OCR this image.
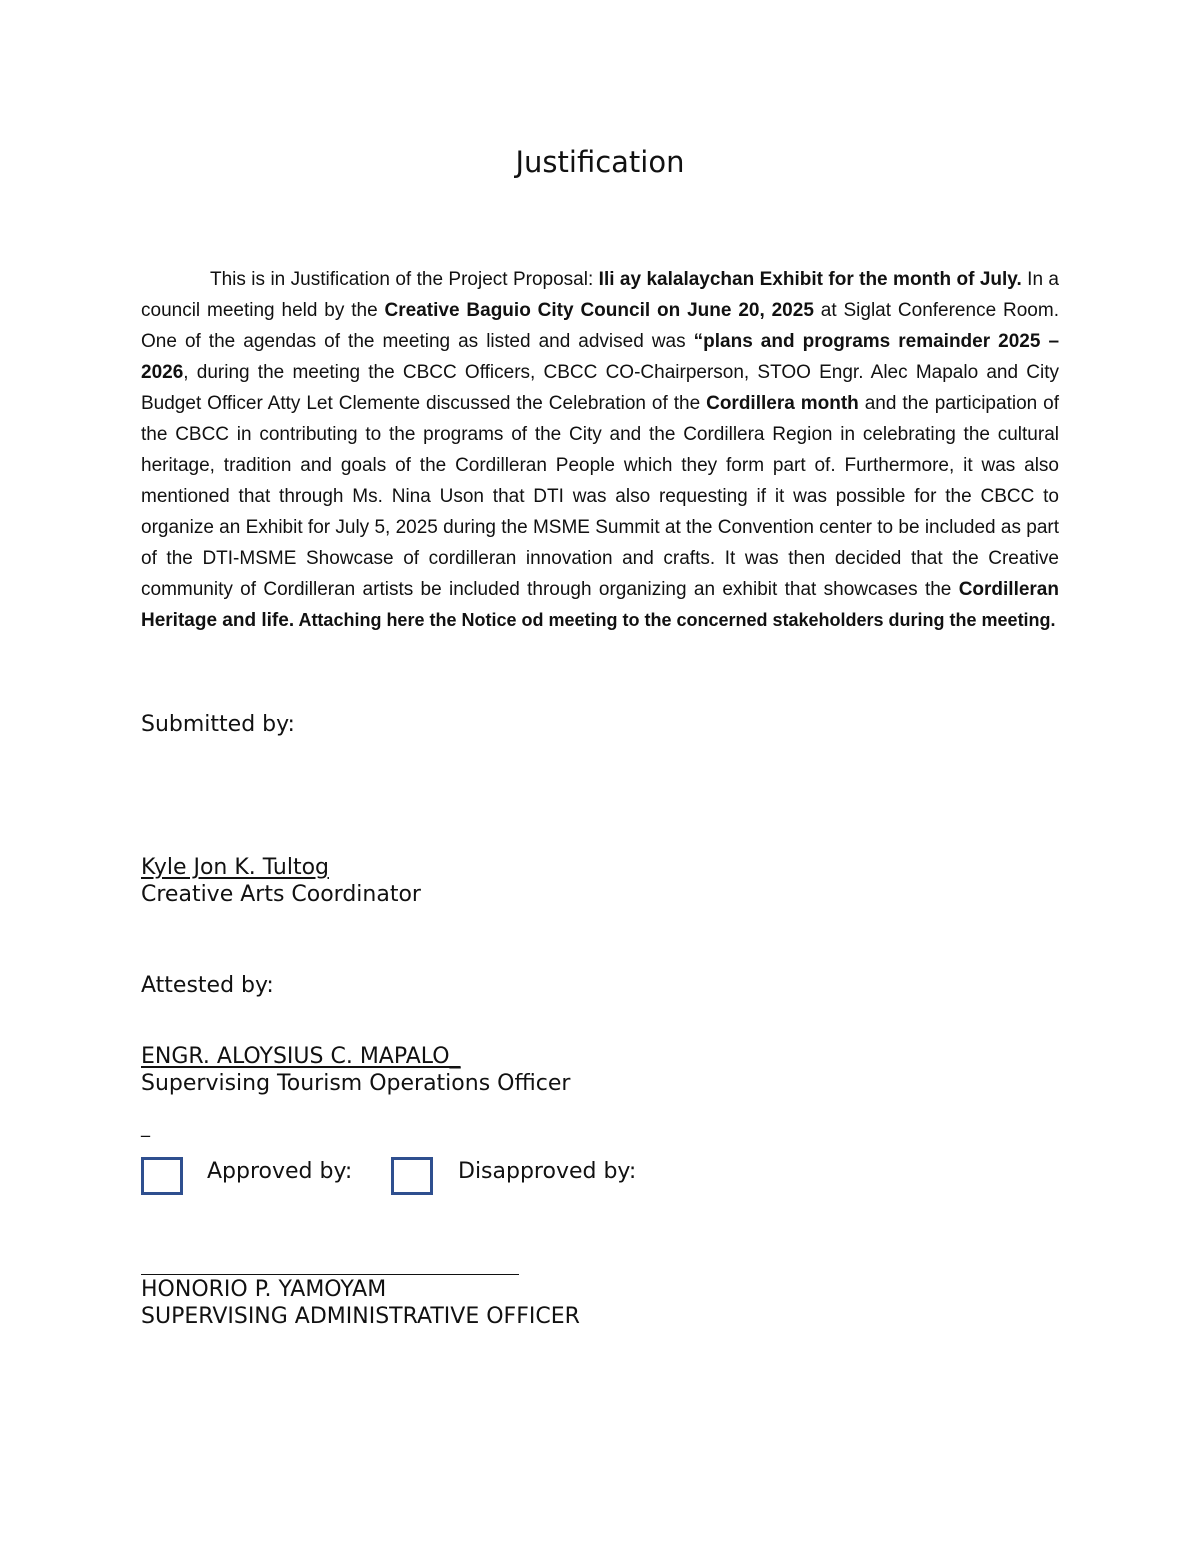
Justification

This is in Justification of the Project Proposal: Ili ay kalalaychan Exhibit for the month of July. In a council meeting held by the Creative Baguio City Council on June 20, 2025 at Siglat Conference Room. One of the agendas of the meeting as listed and advised was “plans and programs remainder 2025 – 2026, during the meeting the CBCC Officers, CBCC CO-Chairperson, STOO Engr. Alec Mapalo and City Budget Officer Atty Let Clemente discussed the Celebration of the Cordillera month and the participation of the CBCC in contributing to the programs of the City and the Cordillera Region in celebrating the cultural heritage, tradition and goals of the Cordilleran People which they form part of. Furthermore, it was also mentioned that through Ms. Nina Uson that DTI was also requesting if it was possible for the CBCC to organize an Exhibit for July 5, 2025 during the MSME Summit at the Convention center to be included as part of the DTI-MSME Showcase of cordilleran innovation and crafts. It was then decided that the Creative community of Cordilleran artists be included through organizing an exhibit that showcases the Cordilleran Heritage and life. Attaching here the Notice od meeting to the concerned stakeholders during the meeting.

Submitted by:
Kyle Jon K. Tultog
Creative Arts Coordinator
Attested by:
ENGR. ALOYSIUS C. MAPALO_
Supervising Tourism Operations Officer
_
Approved by:	Disapproved by:
HONORIO P. YAMOYAM
SUPERVISING ADMINISTRATIVE OFFICER
